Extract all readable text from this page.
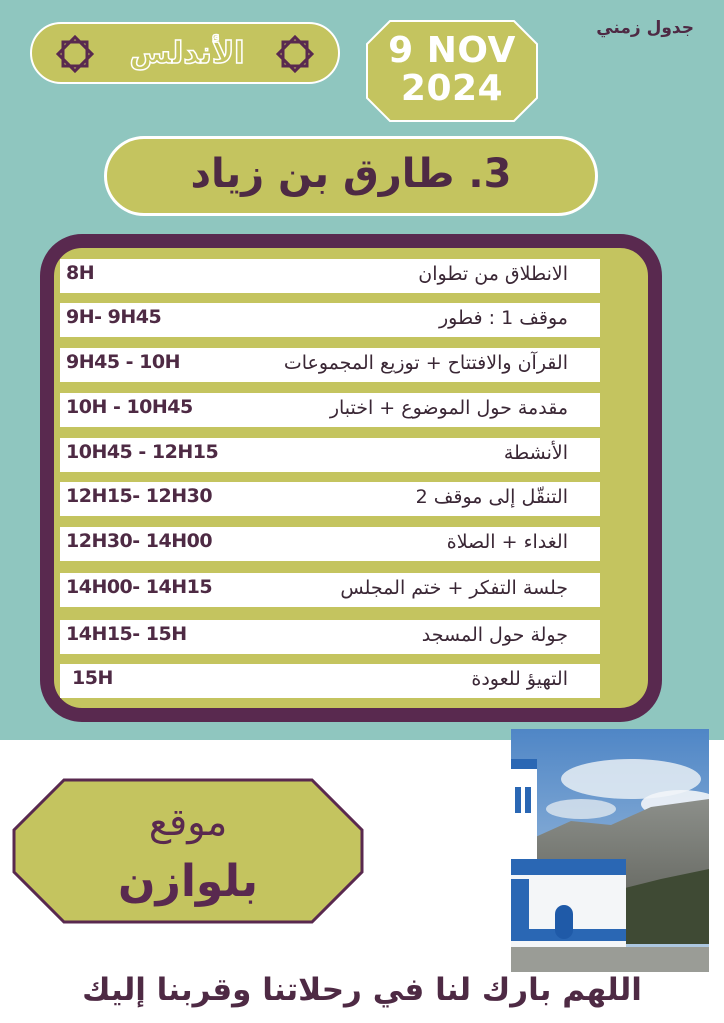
جدول زمني
الأندلس	9 NOV
2024
3. طارق بن زياد
8H	الانطلاق من تطوان
9H- 9H45	موقف 1 : فطور
9H45 - 10H	القرآن والافتتاح + توزيع المجموعات
10H - 10H45	مقدمة حول الموضوع + اختبار
10H45 - 12H15	الأنشطة
12H15- 12H30	التنقّل إلى موقف 2
12H30- 14H00	الغداء + الصلاة
14H00- 14H15	جلسة التفكر + ختم المجلس
14H15- 15H	جولة حول المسجد
15H	التهيؤ للعودة
موقع
بلوازن
اللهم بارك لنا في رحلاتنا وقربنا إليك
